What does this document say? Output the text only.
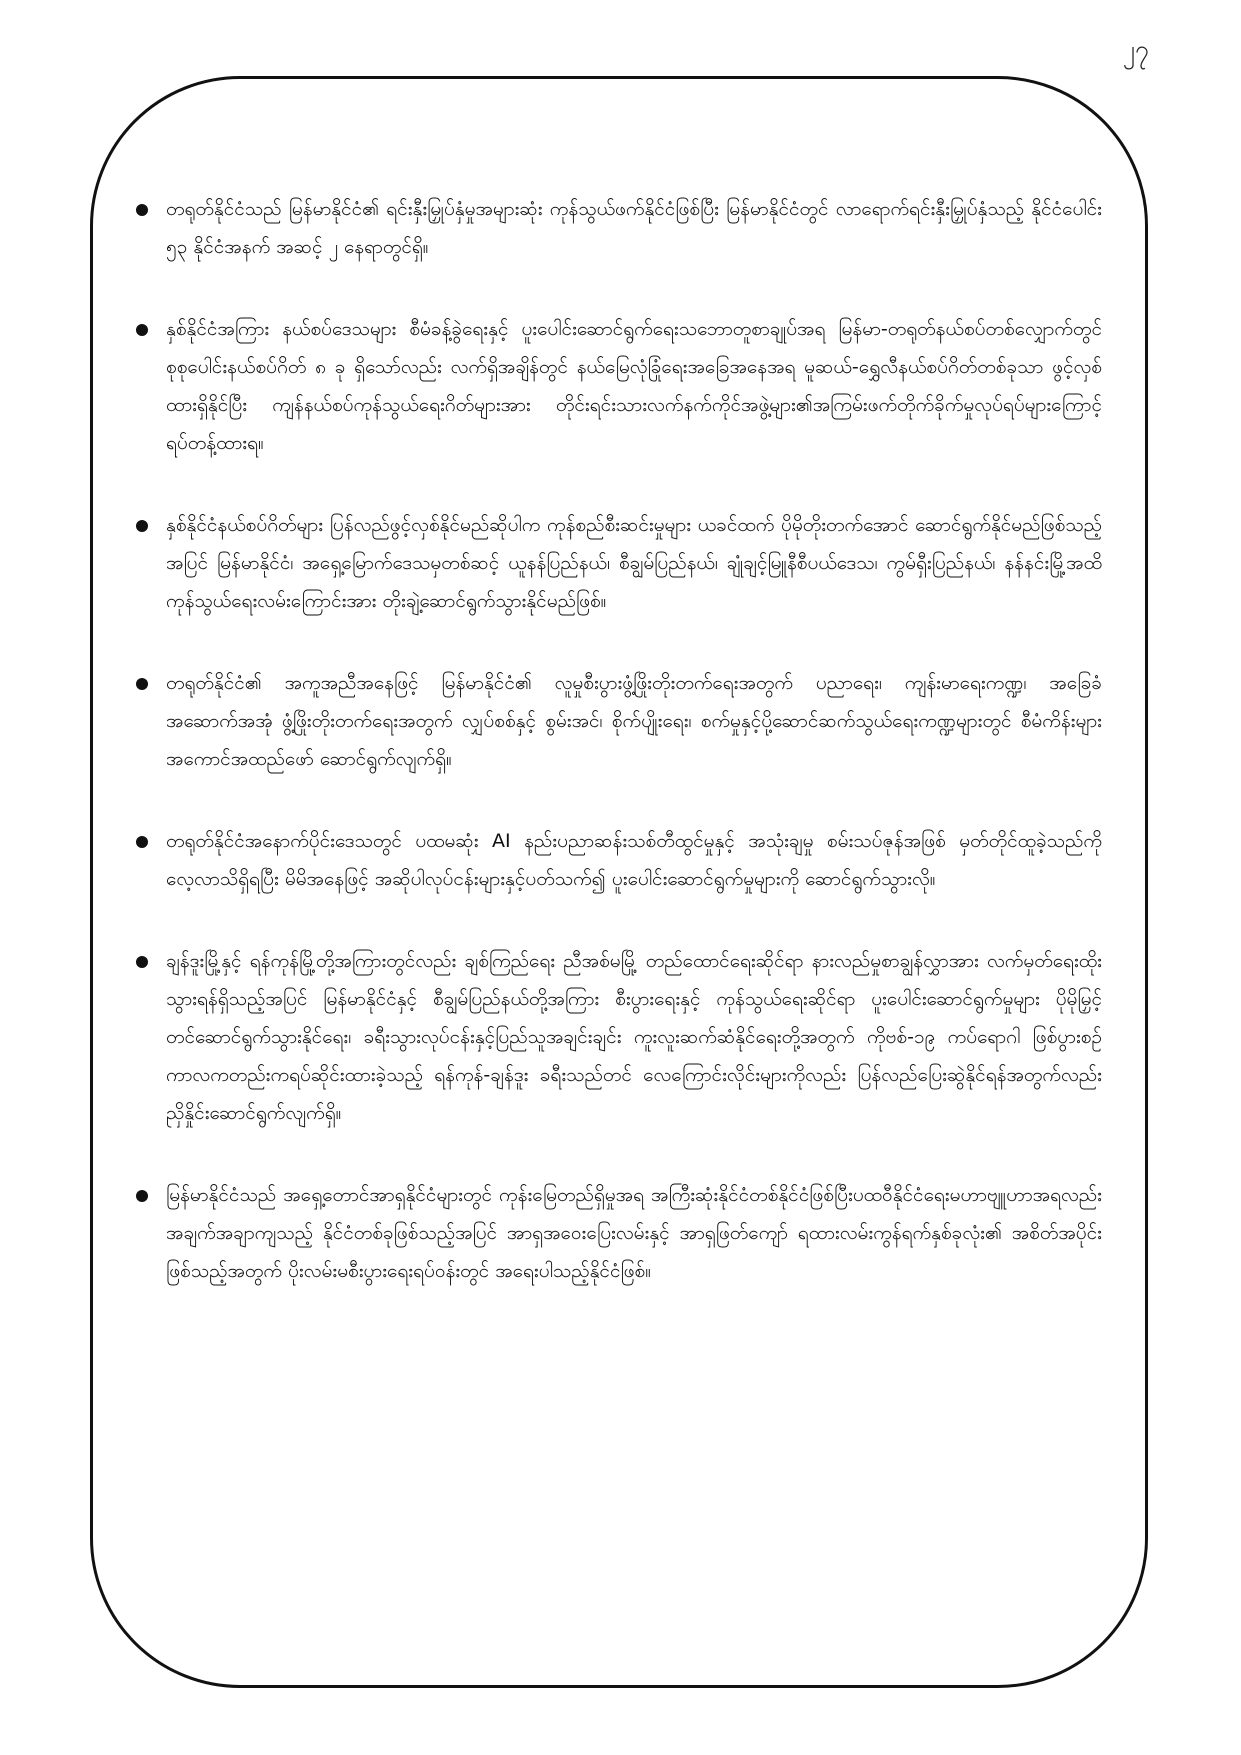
၂၇
တရုတ်နိုင်ငံသည် မြန်မာနိုင်ငံ၏ ရင်းနှီးမြှုပ်နှံမှုအများဆုံး ကုန်သွယ်ဖက်နိုင်ငံဖြစ်ပြီး မြန်မာနိုင်ငံတွင် လာရောက်ရင်းနှီးမြှုပ်နှံသည့် နိုင်ငံပေါင်း ၅၃ နိုင်ငံအနက် အဆင့် ၂ နေရာတွင်ရှိ။
နှစ်နိုင်ငံအကြား နယ်စပ်ဒေသများ စီမံခန့်ခွဲရေးနှင့် ပူးပေါင်းဆောင်ရွက်ရေးသဘောတူစာချုပ်အရ မြန်မာ-တရုတ်နယ်စပ်တစ်လျှောက်တွင် စုစုပေါင်းနယ်စပ်ဂိတ် ၈ ခု ရှိသော်လည်း လက်ရှိအချိန်တွင် နယ်မြေလုံခြုံရေးအခြေအနေအရ မူဆယ်-ရွှေလီနယ်စပ်ဂိတ်တစ်ခုသာ ဖွင့်လှစ်ထားရှိနိုင်ပြီး ကျန်နယ်စပ်ကုန်သွယ်ရေးဂိတ်များအား တိုင်းရင်းသားလက်နက်ကိုင်အဖွဲ့များ၏အကြမ်းဖက်တိုက်ခိုက်မှုလုပ်ရပ်များကြောင့် ရပ်တန့်ထားရ။
နှစ်နိုင်ငံနယ်စပ်ဂိတ်များ ပြန်လည်ဖွင့်လှစ်နိုင်မည်ဆိုပါက ကုန်စည်စီးဆင်းမှုများ ယခင်ထက် ပိုမိုတိုးတက်အောင် ဆောင်ရွက်နိုင်မည်ဖြစ်သည့်အပြင် မြန်မာနိုင်ငံ၊ အရှေ့မြောက်ဒေသမှတစ်ဆင့် ယူနန်ပြည်နယ်၊ စီချွမ်ပြည်နယ်၊ ချုံချင့်မြူနီစီပယ်ဒေသ၊ ကွမ်ရှီးပြည်နယ်၊ နန်နင်းမြို့အထိ ကုန်သွယ်ရေးလမ်းကြောင်းအား တိုးချဲ့ဆောင်ရွက်သွားနိုင်မည်ဖြစ်။
တရုတ်နိုင်ငံ၏ အကူအညီအနေဖြင့် မြန်မာနိုင်ငံ၏ လူမှုစီးပွားဖွံ့ဖြိုးတိုးတက်ရေးအတွက် ပညာရေး၊ ကျန်းမာရေးကဏ္ဍ၊ အခြေခံအဆောက်အအုံ ဖွံ့ဖြိုးတိုးတက်ရေးအတွက် လျှပ်စစ်နှင့် စွမ်းအင်၊ စိုက်ပျိုးရေး၊ စက်မှုနှင့်ပို့ဆောင်ဆက်သွယ်ရေးကဏ္ဍများတွင် စီမံကိန်းများအကောင်အထည်ဖော် ဆောင်ရွက်လျက်ရှိ။
တရုတ်နိုင်ငံအနောက်ပိုင်းဒေသတွင် ပထမဆုံး AI နည်းပညာဆန်းသစ်တီထွင်မှုနှင့် အသုံးချမှု စမ်းသပ်ဇုန်အဖြစ် မှတ်တိုင်ထူခဲ့သည်ကို လေ့လာသိရှိရပြီး မိမိအနေဖြင့် အဆိုပါလုပ်ငန်းများနှင့်ပတ်သက်၍ ပူးပေါင်းဆောင်ရွက်မှုများကို ဆောင်ရွက်သွားလို။
ချန်ဒူးမြို့နှင့် ရန်ကုန်မြို့တို့အကြားတွင်လည်း ချစ်ကြည်ရေး ညီအစ်မမြို့ တည်ထောင်ရေးဆိုင်ရာ နားလည်မှုစာချွန်လွှာအား လက်မှတ်ရေးထိုးသွားရန်ရှိသည့်အပြင် မြန်မာနိုင်ငံနှင့် စီချွမ်ပြည်နယ်တို့အကြား စီးပွားရေးနှင့် ကုန်သွယ်ရေးဆိုင်ရာ ပူးပေါင်းဆောင်ရွက်မှုများ ပိုမိုမြှင့်တင်ဆောင်ရွက်သွားနိုင်ရေး၊ ခရီးသွားလုပ်ငန်းနှင့်ပြည်သူအချင်းချင်း ကူးလူးဆက်ဆံနိုင်ရေးတို့အတွက် ကိုဗစ်-၁၉ ကပ်ရောဂါ ဖြစ်ပွားစဉ်ကာလကတည်းကရပ်ဆိုင်းထားခဲ့သည့် ရန်ကုန်-ချန်ဒူး ခရီးသည်တင် လေကြောင်းလိုင်းများကိုလည်း ပြန်လည်ပြေးဆွဲနိုင်ရန်အတွက်လည်း ညှိနှိုင်းဆောင်ရွက်လျက်ရှိ။
မြန်မာနိုင်ငံသည် အရှေ့တောင်အာရှနိုင်ငံများတွင် ကုန်းမြေတည်ရှိမှုအရ အကြီးဆုံးနိုင်ငံတစ်နိုင်ငံဖြစ်ပြီးပထဝီနိုင်ငံရေးမဟာဗျူဟာအရလည်း အချက်အချာကျသည့် နိုင်ငံတစ်ခုဖြစ်သည့်အပြင် အာရှအဝေးပြေးလမ်းနှင့် အာရှဖြတ်ကျော် ရထားလမ်းကွန်ရက်နှစ်ခုလုံး၏ အစိတ်အပိုင်းဖြစ်သည့်အတွက် ပိုးလမ်းမစီးပွားရေးရပ်ဝန်းတွင် အရေးပါသည့်နိုင်ငံဖြစ်။
